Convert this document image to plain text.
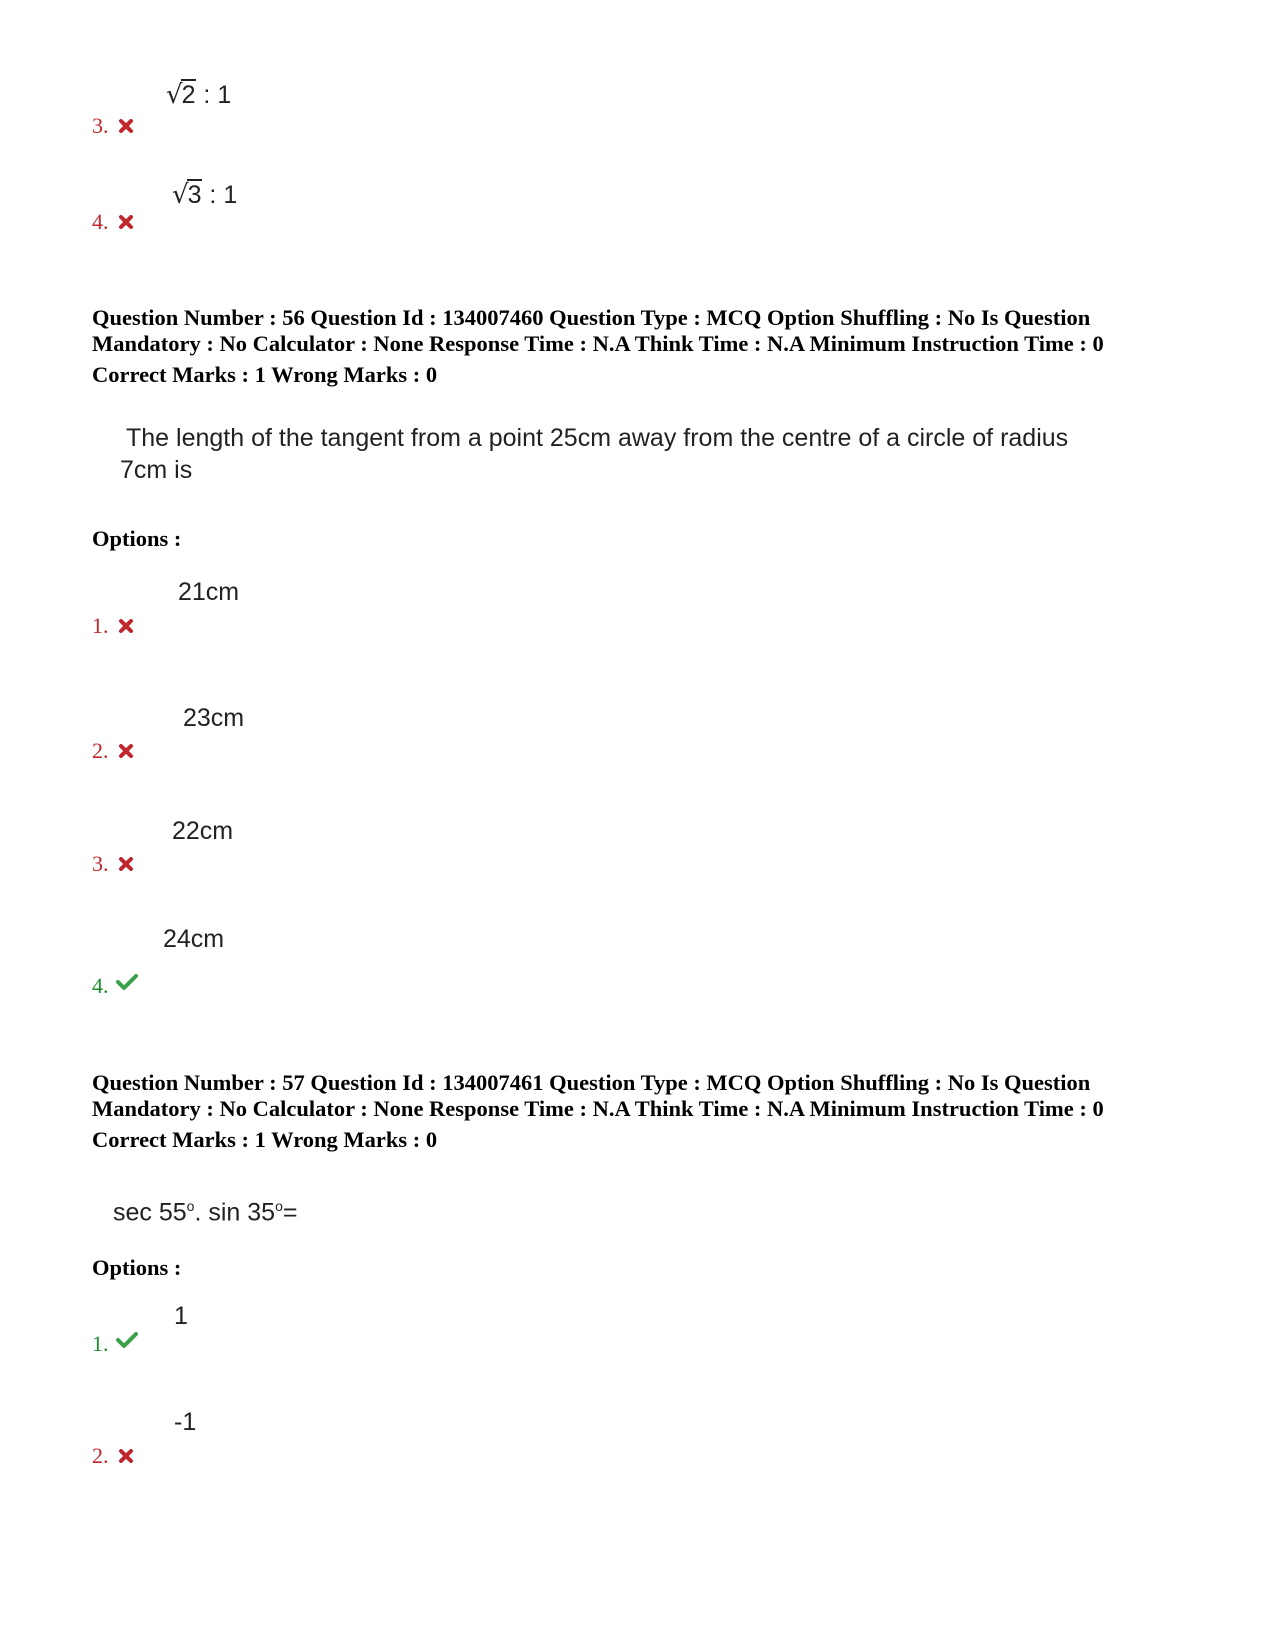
√2 : 1
3.
√3 : 1
4.
Question Number : 56 Question Id : 134007460 Question Type : MCQ Option Shuffling : No Is Question
Mandatory : No Calculator : None Response Time : N.A Think Time : N.A Minimum Instruction Time : 0
Correct Marks : 1 Wrong Marks : 0
The length of the tangent from a point 25cm away from the centre of a circle of radius
7cm is
Options :
21cm
1.
23cm
2.
22cm
3.
24cm
4.
Question Number : 57 Question Id : 134007461 Question Type : MCQ Option Shuffling : No Is Question
Mandatory : No Calculator : None Response Time : N.A Think Time : N.A Minimum Instruction Time : 0
Correct Marks : 1 Wrong Marks : 0
sec 55$^o$. $\sin 35^o=$
Options :
1
1.
-1
2.
